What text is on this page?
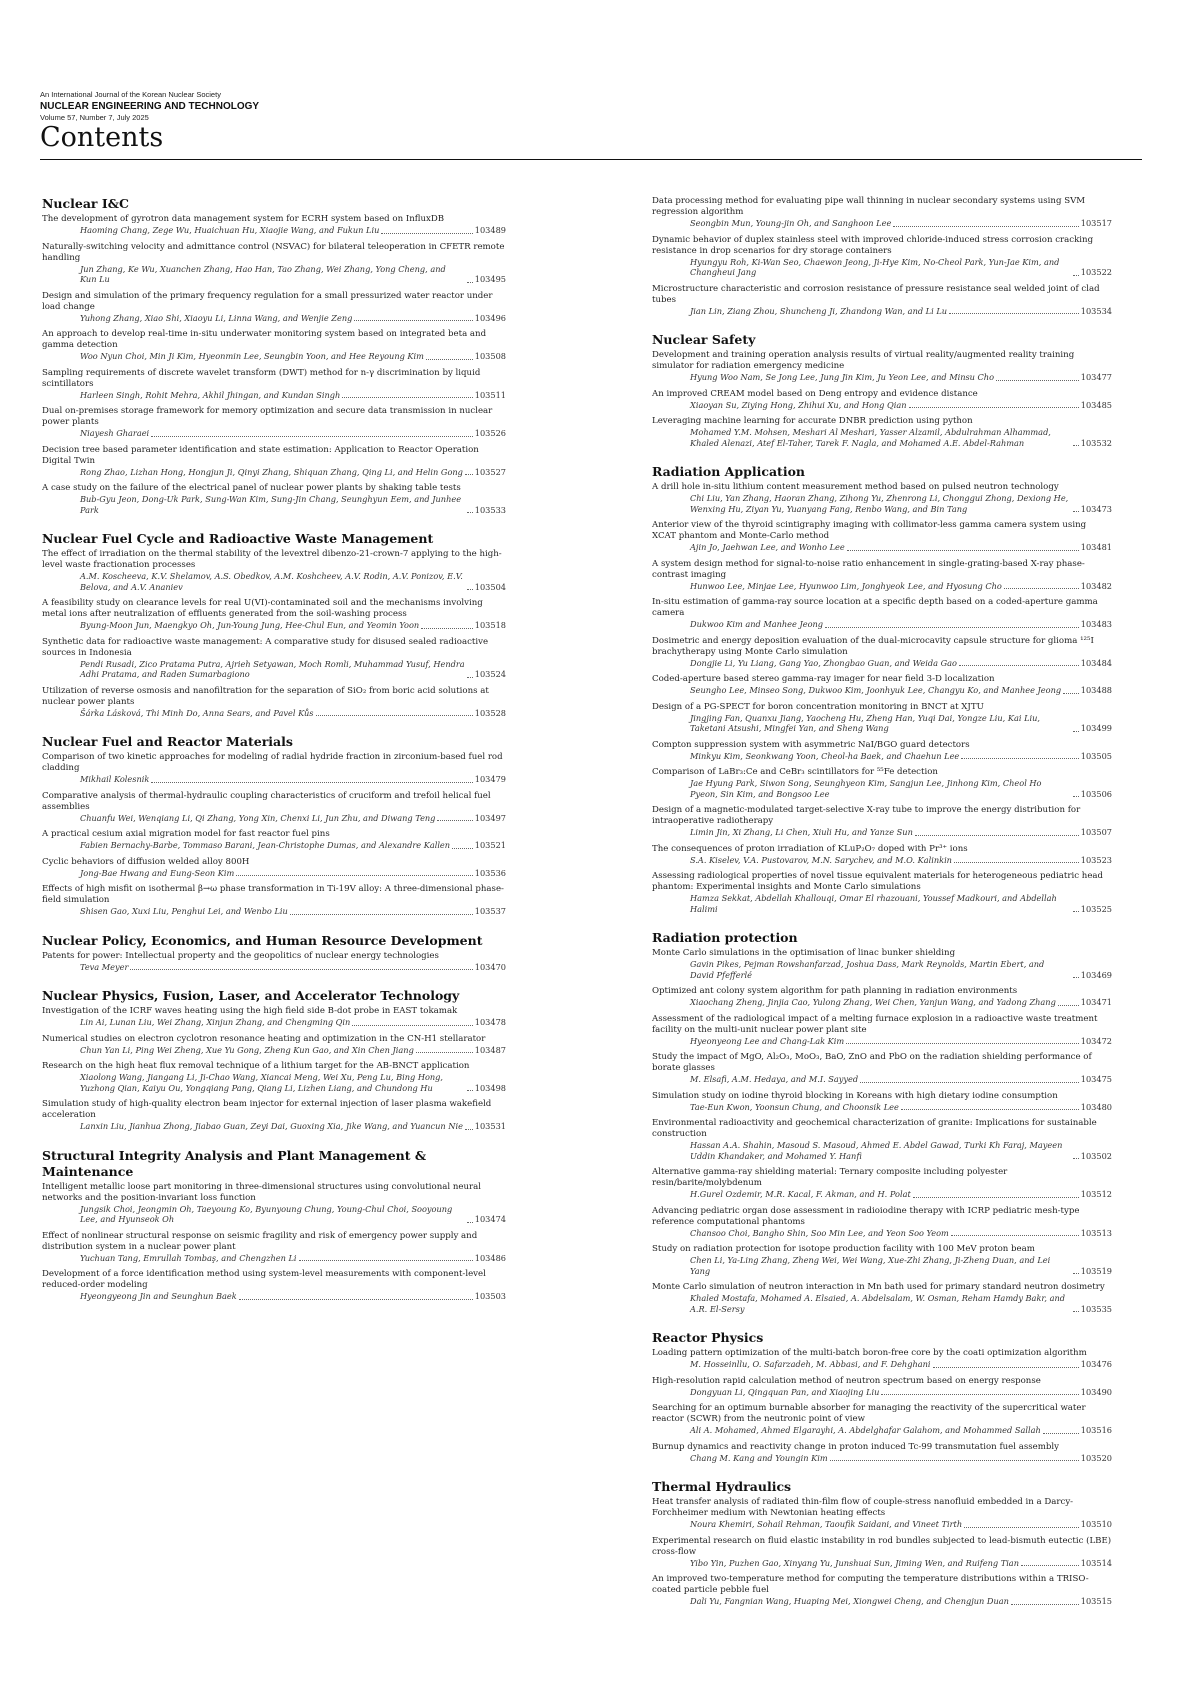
An International Journal of the Korean Nuclear Society
NUCLEAR ENGINEERING AND TECHNOLOGY
Volume 57, Number 7, July 2025
Contents
Nuclear I&C
The development of gyrotron data management system for ECRH system based on InfluxDB
Haoming Chang, Zege Wu, Huaichuan Hu, Xiaojie Wang, and Fukun Liu	103489
Naturally-switching velocity and admittance control (NSVAC) for bilateral teleoperation in CFETR remote handling
Jun Zhang, Ke Wu, Xuanchen Zhang, Hao Han, Tao Zhang, Wei Zhang, Yong Cheng, and Kun Lu	103495
Design and simulation of the primary frequency regulation for a small pressurized water reactor under load change
Yuhong Zhang, Xiao Shi, Xiaoyu Li, Linna Wang, and Wenjie Zeng	103496
An approach to develop real-time in-situ underwater monitoring system based on integrated beta and gamma detection
Woo Nyun Choi, Min Ji Kim, Hyeonmin Lee, Seungbin Yoon, and Hee Reyoung Kim	103508
Sampling requirements of discrete wavelet transform (DWT) method for n-γ discrimination by liquid scintillators
Harleen Singh, Rohit Mehra, Akhil Jhingan, and Kundan Singh	103511
Dual on-premises storage framework for memory optimization and secure data transmission in nuclear power plants
Niayesh Gharaei	103526
Decision tree based parameter identification and state estimation: Application to Reactor Operation Digital Twin
Rong Zhao, Lizhan Hong, Hongjun Ji, Qinyi Zhang, Shiquan Zhang, Qing Li, and Helin Gong 103527
A case study on the failure of the electrical panel of nuclear power plants by shaking table tests
Bub-Gyu Jeon, Dong-Uk Park, Sung-Wan Kim, Sung-Jin Chang, Seunghyun Eem, and Junhee Park	103533
Nuclear Fuel Cycle and Radioactive Waste Management
The effect of irradiation on the thermal stability of the levextrel dibenzo-21-crown-7 applying to the high-level waste fractionation processes
A.M. Koscheeva, K.V. Shelamov, A.S. Obedkov, A.M. Koshcheev, A.V. Rodin, A.V. Ponizov, E.V. Belova, and A.V. Ananiev	103504
A feasibility study on clearance levels for real U(VI)-contaminated soil and the mechanisms involving metal ions after neutralization of effluents generated from the soil-washing process
Byung-Moon Jun, Maengkyo Oh, Jun-Young Jung, Hee-Chul Eun, and Yeomin Yoon	103518
Synthetic data for radioactive waste management: A comparative study for disused sealed radioactive sources in Indonesia
Pendi Rusadi, Zico Pratama Putra, Ajrieh Setyawan, Moch Romli, Muhammad Yusuf, Hendra Adhi Pratama, and Raden Sumarbagiono	103524
Utilization of reverse osmosis and nanofiltration for the separation of SiO₂ from boric acid solutions at nuclear power plants
Šárka Lásková, Thi Minh Do, Anna Sears, and Pavel Kůs	103528
Nuclear Fuel and Reactor Materials
Comparison of two kinetic approaches for modeling of radial hydride fraction in zirconium-based fuel rod cladding
Mikhail Kolesnik	103479
Comparative analysis of thermal-hydraulic coupling characteristics of cruciform and trefoil helical fuel assemblies
Chuanfu Wei, Wenqiang Li, Qi Zhang, Yong Xin, Chenxi Li, Jun Zhu, and Diwang Teng	103497
A practical cesium axial migration model for fast reactor fuel pins
Fabien Bernachy-Barbe, Tommaso Barani, Jean-Christophe Dumas, and Alexandre Kallen	103521
Cyclic behaviors of diffusion welded alloy 800H
Jong-Bae Hwang and Eung-Seon Kim	103536
Effects of high misfit on isothermal β→ω phase transformation in Ti-19V alloy: A three-dimensional phase-field simulation
Shisen Gao, Xuxi Liu, Penghui Lei, and Wenbo Liu	103537
Nuclear Policy, Economics, and Human Resource Development
Patents for power: Intellectual property and the geopolitics of nuclear energy technologies
Teva Meyer	103470
Nuclear Physics, Fusion, Laser, and Accelerator Technology
Investigation of the ICRF waves heating using the high field side B-dot probe in EAST tokamak
Lin Ai, Lunan Liu, Wei Zhang, Xinjun Zhang, and Chengming Qin	103478
Numerical studies on electron cyclotron resonance heating and optimization in the CN-H1 stellarator
Chun Yan Li, Ping Wei Zheng, Xue Yu Gong, Zheng Kun Gao, and Xin Chen Jiang	103487
Research on the high heat flux removal technique of a lithium target for the AB-BNCT application
Xiaolong Wang, Jiangang Li, Ji-Chao Wang, Xiancai Meng, Wei Xu, Peng Lu, Bing Hong, Yuzhong Qian, Kaiyu Ou, Yongqiang Pang, Qiang Li, Lizhen Liang, and Chundong Hu	103498
Simulation study of high-quality electron beam injector for external injection of laser plasma wakefield acceleration
Lanxin Liu, Jianhua Zhong, Jiabao Guan, Zeyi Dai, Guoxing Xia, Jike Wang, and Yuancun Nie 103531
Structural Integrity Analysis and Plant Management & Maintenance
Intelligent metallic loose part monitoring in three-dimensional structures using convolutional neural networks and the position-invariant loss function
Jungsik Choi, Jeongmin Oh, Taeyoung Ko, Byunyoung Chung, Young-Chul Choi, Sooyoung Lee, and Hyunseok Oh	103474
Effect of nonlinear structural response on seismic fragility and risk of emergency power supply and distribution system in a nuclear power plant
Yuchuan Tang, Emrullah Tombaş, and Chengzhen Li	103486
Development of a force identification method using system-level measurements with component-level reduced-order modeling
Hyeongyeong Jin and Seunghun Baek	103503
Data processing method for evaluating pipe wall thinning in nuclear secondary systems using SVM regression algorithm
Seongbin Mun, Young-jin Oh, and Sanghoon Lee	103517
Dynamic behavior of duplex stainless steel with improved chloride-induced stress corrosion cracking resistance in drop scenarios for dry storage containers
Hyungyu Roh, Ki-Wan Seo, Chaewon Jeong, Ji-Hye Kim, No-Cheol Park, Yun-Jae Kim, and Changheui Jang	103522
Microstructure characteristic and corrosion resistance of pressure resistance seal welded joint of clad tubes
Jian Lin, Ziang Zhou, Shuncheng Ji, Zhandong Wan, and Li Lu	103534
Nuclear Safety
Development and training operation analysis results of virtual reality/augmented reality training simulator for radiation emergency medicine
Hyung Woo Nam, Se Jong Lee, Jung Jin Kim, Ju Yeon Lee, and Minsu Cho	103477
An improved CREAM model based on Deng entropy and evidence distance
Xiaoyan Su, Ziying Hong, Zhihui Xu, and Hong Qian	103485
Leveraging machine learning for accurate DNBR prediction using python
Mohamed Y.M. Mohsen, Meshari Al Meshari, Yasser Alzamil, Abdulrahman Alhammad, Khaled Alenazi, Atef El-Taher, Tarek F. Nagla, and Mohamed A.E. Abdel-Rahman	103532
Radiation Application
A drill hole in-situ lithium content measurement method based on pulsed neutron technology
Chi Liu, Yan Zhang, Haoran Zhang, Zihong Yu, Zhenrong Li, Chonggui Zhong, Dexiong He, Wenxing Hu, Ziyan Yu, Yuanyang Fang, Renbo Wang, and Bin Tang	103473
Anterior view of the thyroid scintigraphy imaging with collimator-less gamma camera system using XCAT phantom and Monte-Carlo method
Ajin Jo, Jaehwan Lee, and Wonho Lee	103481
A system design method for signal-to-noise ratio enhancement in single-grating-based X-ray phase-contrast imaging
Hunwoo Lee, Minjae Lee, Hyunwoo Lim, Jonghyeok Lee, and Hyosung Cho	103482
In-situ estimation of gamma-ray source location at a specific depth based on a coded-aperture gamma camera
Dukwoo Kim and Manhee Jeong	103483
Dosimetric and energy deposition evaluation of the dual-microcavity capsule structure for glioma ¹²⁵I brachytherapy using Monte Carlo simulation
Dongjie Li, Yu Liang, Gang Yao, Zhongbao Guan, and Weida Gao	103484
Coded-aperture based stereo gamma-ray imager for near field 3-D localization
Seungho Lee, Minseo Song, Dukwoo Kim, Joonhyuk Lee, Changyu Ko, and Manhee Jeong 103488
Design of a PG-SPECT for boron concentration monitoring in BNCT at XJTU
Jingjing Fan, Quanxu Jiang, Yaocheng Hu, Zheng Han, Yuqi Dai, Yongze Liu, Kai Liu, Taketani Atsushi, Mingfei Yan, and Sheng Wang	103499
Compton suppression system with asymmetric NaI/BGO guard detectors
Minkyu Kim, Seonkwang Yoon, Cheol-ha Baek, and Chaehun Lee	103505
Comparison of LaBr₃:Ce and CeBr₃ scintillators for ⁵⁵Fe detection
Jae Hyung Park, Siwon Song, Seunghyeon Kim, Sangjun Lee, Jinhong Kim, Cheol Ho Pyeon, Sin Kim, and Bongsoo Lee	103506
Design of a magnetic-modulated target-selective X-ray tube to improve the energy distribution for intraoperative radiotherapy
Limin Jin, Xi Zhang, Li Chen, Xiuli Hu, and Yanze Sun	103507
The consequences of proton irradiation of KLuP₂O₇ doped with Pr³⁺ ions
S.A. Kiselev, V.A. Pustovarov, M.N. Sarychev, and M.O. Kalinkin	103523
Assessing radiological properties of novel tissue equivalent materials for heterogeneous pediatric head phantom: Experimental insights and Monte Carlo simulations
Hamza Sekkat, Abdellah Khallouqi, Omar El rhazouani, Youssef Madkouri, and Abdellah Halimi	103525
Radiation protection
Monte Carlo simulations in the optimisation of linac bunker shielding
Gavin Pikes, Pejman Rowshanfarzad, Joshua Dass, Mark Reynolds, Martin Ebert, and David Pfefferlé	103469
Optimized ant colony system algorithm for path planning in radiation environments
Xiaochang Zheng, Jinjia Cao, Yulong Zhang, Wei Chen, Yanjun Wang, and Yadong Zhang	103471
Assessment of the radiological impact of a melting furnace explosion in a radioactive waste treatment facility on the multi-unit nuclear power plant site
Hyeonyeong Lee and Chang-Lak Kim	103472
Study the impact of MgO, Al₂O₃, MoO₃, BaO, ZnO and PbO on the radiation shielding performance of borate glasses
M. Elsafi, A.M. Hedaya, and M.I. Sayyed	103475
Simulation study on iodine thyroid blocking in Koreans with high dietary iodine consumption
Tae-Eun Kwon, Yoonsun Chung, and Choonsik Lee	103480
Environmental radioactivity and geochemical characterization of granite: Implications for sustainable construction
Hassan A.A. Shahin, Masoud S. Masoud, Ahmed E. Abdel Gawad, Turki Kh Faraj, Mayeen Uddin Khandaker, and Mohamed Y. Hanfi	103502
Alternative gamma-ray shielding material: Ternary composite including polyester resin/barite/molybdenum
H.Gurel Ozdemir, M.R. Kacal, F. Akman, and H. Polat	103512
Advancing pediatric organ dose assessment in radioiodine therapy with ICRP pediatric mesh-type reference computational phantoms
Chansoo Choi, Bangho Shin, Soo Min Lee, and Yeon Soo Yeom	103513
Study on radiation protection for isotope production facility with 100 MeV proton beam
Chen Li, Ya-Ling Zhang, Zheng Wei, Wei Wang, Xue-Zhi Zhang, Ji-Zheng Duan, and Lei Yang	103519
Monte Carlo simulation of neutron interaction in Mn bath used for primary standard neutron dosimetry
Khaled Mostafa, Mohamed A. Elsaied, A. Abdelsalam, W. Osman, Reham Hamdy Bakr, and A.R. El-Sersy	103535
Reactor Physics
Loading pattern optimization of the multi-batch boron-free core by the coati optimization algorithm
M. Hosseinllu, O. Safarzadeh, M. Abbasi, and F. Dehghani	103476
High-resolution rapid calculation method of neutron spectrum based on energy response
Dongyuan Li, Qingquan Pan, and Xiaojing Liu	103490
Searching for an optimum burnable absorber for managing the reactivity of the supercritical water reactor (SCWR) from the neutronic point of view
Ali A. Mohamed, Ahmed Elgarayhi, A. Abdelghafar Galahom, and Mohammed Sallah	103516
Burnup dynamics and reactivity change in proton induced Tc-99 transmutation fuel assembly
Chang M. Kang and Youngin Kim	103520
Thermal Hydraulics
Heat transfer analysis of radiated thin-film flow of couple-stress nanofluid embedded in a Darcy-Forchheimer medium with Newtonian heating effects
Noura Khemiri, Sohail Rehman, Taoufik Saidani, and Vineet Tirth	103510
Experimental research on fluid elastic instability in rod bundles subjected to lead-bismuth eutectic (LBE) cross-flow
Yibo Yin, Puzhen Gao, Xinyang Yu, Junshuai Sun, Jiming Wen, and Ruifeng Tian	103514
An improved two-temperature method for computing the temperature distributions within a TRISO-coated particle pebble fuel
Dali Yu, Fangnian Wang, Huaping Mei, Xiongwei Cheng, and Chengjun Duan	103515
